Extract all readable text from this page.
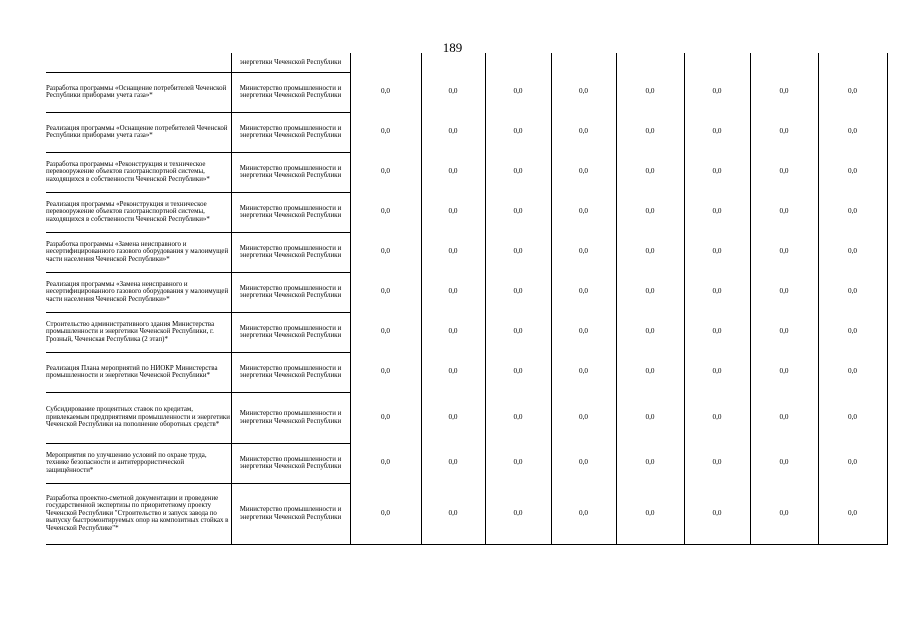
189
	энергетики Чеченской Республики								
Разработка программы «Оснащение потребителей Чеченской Республики приборами учета газа»*	Министерство промышленности и энергетики Чеченской Республики	0,0	0,0	0,0	0,0	0,0	0,0	0,0	0,0
Реализация программы «Оснащение потребителей Чеченской Республики приборами учета газа»*	Министерство промышленности и энергетики Чеченской Республики	0,0	0,0	0,0	0,0	0,0	0,0	0,0	0,0
Разработка программы «Реконструкция и техническое перевооружение объектов газотранспортной системы, находящихся в собственности Чеченской Республики»*	Министерство промышленности и энергетики Чеченской Республики	0,0	0,0	0,0	0,0	0,0	0,0	0,0	0,0
Реализация программы «Реконструкция и техническое перевооружение объектов газотранспортной системы, находящихся в собственности Чеченской Республики»*	Министерство промышленности и энергетики Чеченской Республики	0,0	0,0	0,0	0,0	0,0	0,0	0,0	0,0
Разработка программы «Замена неисправного и несертифицированного газового оборудования у малоимущей части населения Чеченской Республики»*	Министерство промышленности и энергетики Чеченской Республики	0,0	0,0	0,0	0,0	0,0	0,0	0,0	0,0
Реализация программы «Замена неисправного и несертифицированного газового оборудования у малоимущей части населения Чеченской Республики»*	Министерство промышленности и энергетики Чеченской Республики	0,0	0,0	0,0	0,0	0,0	0,0	0,0	0,0
Строительство административного здания Министерства промышленности и энергетики Чеченской Республики, г. Грозный, Чеченская Республика (2 этап)*	Министерство промышленности и энергетики Чеченской Республики	0,0	0,0	0,0	0,0	0,0	0,0	0,0	0,0
Реализация Плана мероприятий по НИОКР Министерства промышленности и энергетики Чеченской Республики*	Министерство промышленности и энергетики Чеченской Республики	0,0	0,0	0,0	0,0	0,0	0,0	0,0	0,0
Субсидирование процентных ставок по кредитам, привлекаемым предприятиями промышленности и энергетики Чеченской Республики на пополнение оборотных средств*	Министерство промышленности и энергетики Чеченской Республики	0,0	0,0	0,0	0,0	0,0	0,0	0,0	0,0
Мероприятия по улучшению условий по охране труда, технике безопасности и антитеррористической защищённости*	Министерство промышленности и энергетики Чеченской Республики	0,0	0,0	0,0	0,0	0,0	0,0	0,0	0,0
Разработка проектно-сметной документации и проведение государственной экспертизы по приоритетному проекту Чеченской Республики "Строительство и запуск завода по выпуску быстромонтируемых опор на композитных стойках в Чеченской Республике"*	Министерство промышленности и энергетики Чеченской Республики	0,0	0,0	0,0	0,0	0,0	0,0	0,0	0,0
